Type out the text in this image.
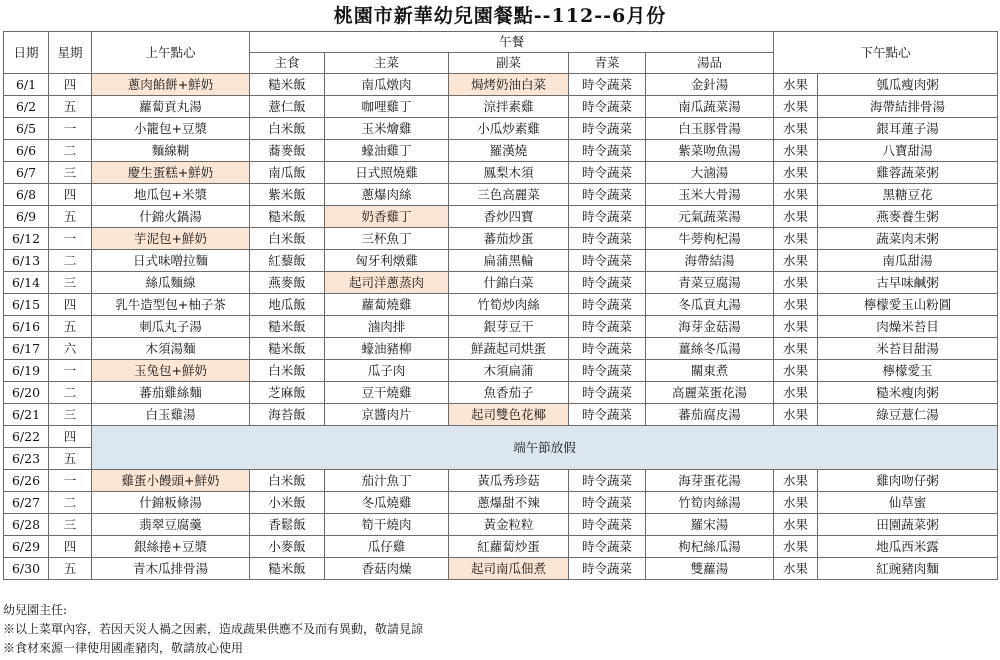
桃園市新華幼兒園餐點--112--6月份
日期	星期	上午點心	午餐					下午點心	
			主食	主菜	副菜	青菜	湯品		
6/1	四	蔥肉餡餅+鮮奶	糙米飯	南瓜燉肉	焗烤奶油白菜	時令蔬菜	金針湯	水果	瓠瓜瘦肉粥
6/2	五	蘿蔔貢丸湯	薏仁飯	咖哩雞丁	涼拌素雞	時令蔬菜	南瓜蔬菜湯	水果	海帶結排骨湯
6/5	一	小籠包+豆漿	白米飯	玉米燴雞	小瓜炒素雞	時令蔬菜	白玉豚骨湯	水果	銀耳蓮子湯
6/6	二	麵線糊	蕎麥飯	蠔油雞丁	羅漢燒	時令蔬菜	紫菜吻魚湯	水果	八寶甜湯
6/7	三	慶生蛋糕+鮮奶	南瓜飯	日式照燒雞	鳳梨木須	時令蔬菜	大滷湯	水果	雞蓉蔬菜粥
6/8	四	地瓜包+米漿	紫米飯	蔥爆肉絲	三色高麗菜	時令蔬菜	玉米大骨湯	水果	黑糖豆花
6/9	五	什錦火鍋湯	糙米飯	奶香雞丁	香炒四寶	時令蔬菜	元氣蔬菜湯	水果	燕麥養生粥
6/12	一	芋泥包+鮮奶	白米飯	三杯魚丁	蕃茄炒蛋	時令蔬菜	牛蒡枸杞湯	水果	蔬菜肉末粥
6/13	二	日式味噌拉麵	紅藜飯	匈牙利燉雞	扁蒲黑輪	時令蔬菜	海帶結湯	水果	南瓜甜湯
6/14	三	絲瓜麵線	燕麥飯	起司洋蔥蒸肉	什錦白菜	時令蔬菜	青菜豆腐湯	水果	古早味鹹粥
6/15	四	乳牛造型包+柚子茶	地瓜飯	蘿蔔燒雞	竹筍炒肉絲	時令蔬菜	冬瓜貢丸湯	水果	檸檬愛玉山粉圓
6/16	五	刺瓜丸子湯	糙米飯	滷肉排	銀芽豆干	時令蔬菜	海芽金菇湯	水果	肉燥米苔目
6/17	六	木須湯麵	糙米飯	蠔油豬柳	鮮蔬起司烘蛋	時令蔬菜	薑絲冬瓜湯	水果	米苔目甜湯
6/19	一	玉兔包+鮮奶	白米飯	瓜子肉	木須扁蒲	時令蔬菜	關東煮	水果	檸檬愛玉
6/20	二	蕃茄雞絲麵	芝麻飯	豆干燒雞	魚香茄子	時令蔬菜	高麗菜蛋花湯	水果	糙米瘦肉粥
6/21	三	白玉雞湯	海苔飯	京醬肉片	起司雙色花椰	時令蔬菜	蕃茄腐皮湯	水果	綠豆薏仁湯
6/22	四	端午節放假							
6/23	五								
6/26	一	雞蛋小饅頭+鮮奶	白米飯	茄汁魚丁	黃瓜秀珍菇	時令蔬菜	海芽蛋花湯	水果	雞肉吻仔粥
6/27	二	什錦粄條湯	小米飯	冬瓜燒雞	蔥爆甜不辣	時令蔬菜	竹筍肉絲湯	水果	仙草蜜
6/28	三	翡翠豆腐羹	香鬆飯	筍干燒肉	黃金粒粒	時令蔬菜	羅宋湯	水果	田園蔬菜粥
6/29	四	銀絲捲+豆漿	小麥飯	瓜仔雞	紅蘿蔔炒蛋	時令蔬菜	枸杞絲瓜湯	水果	地瓜西米露
6/30	五	青木瓜排骨湯	糙米飯	香菇肉燥	起司南瓜佃煮	時令蔬菜	雙蘿湯	水果	紅豌豬肉麵
幼兒園主任:
※以上菜單內容，若因天災人禍之因素，造成蔬果供應不及而有異動，敬請見諒
※食材來源一律使用國產豬肉，敬請放心使用
